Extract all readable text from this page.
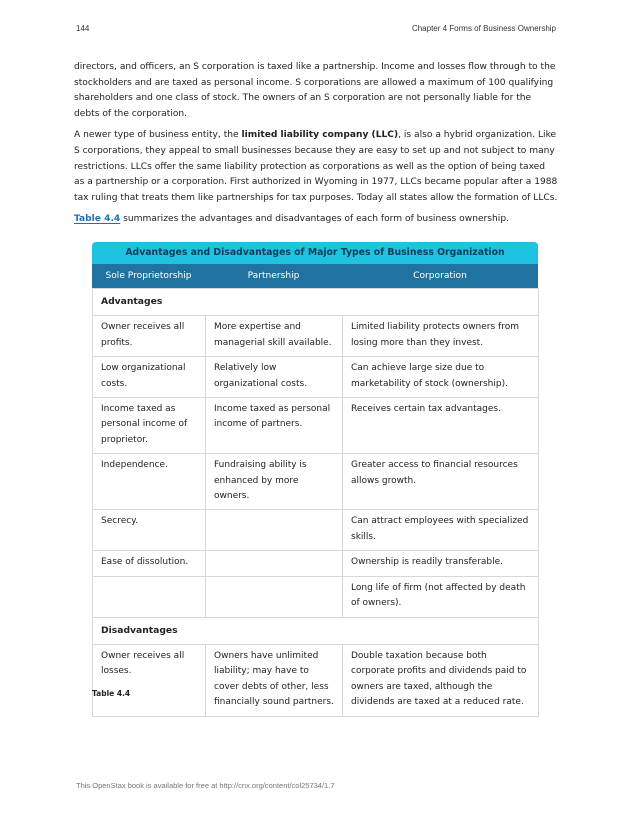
144	Chapter 4 Forms of Business Ownership

directors, and officers, an S corporation is taxed like a partnership. Income and losses flow through to the stockholders and are taxed as personal income. S corporations are allowed a maximum of 100 qualifying shareholders and one class of stock. The owners of an S corporation are not personally liable for the debts of the corporation.

A newer type of business entity, the limited liability company (LLC), is also a hybrid organization. Like S corporations, they appeal to small businesses because they are easy to set up and not subject to many restrictions. LLCs offer the same liability protection as corporations as well as the option of being taxed as a partnership or a corporation. First authorized in Wyoming in 1977, LLCs became popular after a 1988 tax ruling that treats them like partnerships for tax purposes. Today all states allow the formation of LLCs.

Table 4.4 summarizes the advantages and disadvantages of each form of business ownership.

Advantages and Disadvantages of Major Types of Business Organization
Sole Proprietorship	Partnership	Corporation
Advantages		
Owner receives all profits.	More expertise and managerial skill available.	Limited liability protects owners from losing more than they invest.
Low organizational costs.	Relatively low organizational costs.	Can achieve large size due to marketability of stock (ownership).
Income taxed as personal income of proprietor.	Income taxed as personal income of partners.	Receives certain tax advantages.
Independence.	Fundraising ability is enhanced by more owners.	Greater access to financial resources allows growth.
Secrecy.		Can attract employees with specialized skills.
Ease of dissolution.		Ownership is readily transferable.
		Long life of firm (not affected by death of owners).
Disadvantages		
Owner receives all losses.	Owners have unlimited liability; may have to cover debts of other, less financially sound partners.	Double taxation because both corporate profits and dividends paid to owners are taxed, although the dividends are taxed at a reduced rate.
Table 4.4
This OpenStax book is available for free at http://cnx.org/content/col25734/1.7
